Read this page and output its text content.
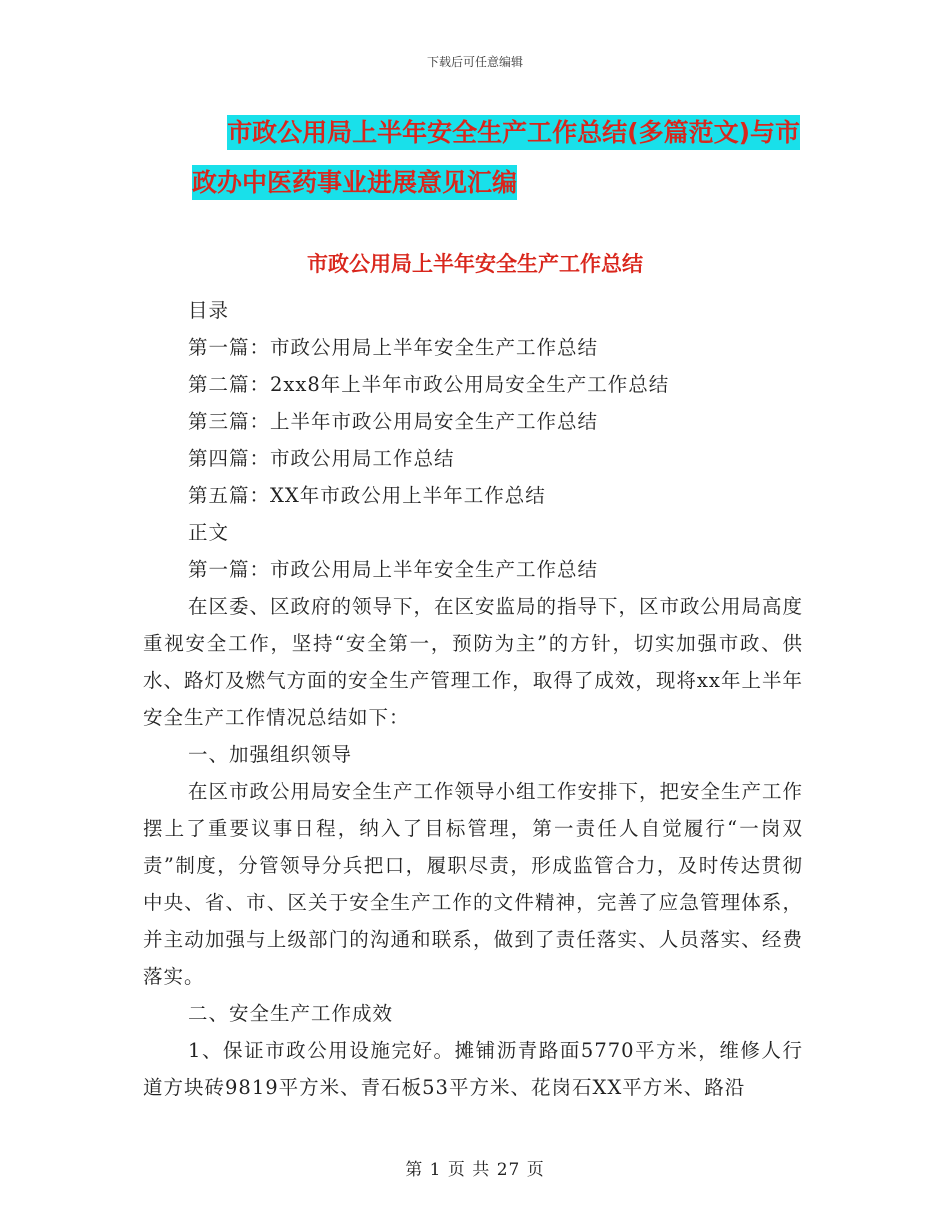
下载后可任意编辑
市政公用局上半年安全生产工作总结(多篇范文)与市
政办中医药事业进展意见汇编
市政公用局上半年安全生产工作总结

目录

第一篇：市政公用局上半年安全生产工作总结

第二篇：2xx8年上半年市政公用局安全生产工作总结

第三篇：上半年市政公用局安全生产工作总结

第四篇：市政公用局工作总结

第五篇：XX年市政公用上半年工作总结

正文

第一篇：市政公用局上半年安全生产工作总结

在区委、区政府的领导下，在区安监局的指导下，区市政公用局高度重视安全工作，坚持“安全第一，预防为主”的方针，切实加强市政、供水、路灯及燃气方面的安全生产管理工作，取得了成效，现将xx年上半年安全生产工作情况总结如下：

一、加强组织领导

在区市政公用局安全生产工作领导小组工作安排下，把安全生产工作摆上了重要议事日程，纳入了目标管理，第一责任人自觉履行“一岗双责”制度，分管领导分兵把口，履职尽责，形成监管合力，及时传达贯彻中央、省、市、区关于安全生产工作的文件精神，完善了应急管理体系，并主动加强与上级部门的沟通和联系，做到了责任落实、人员落实、经费落实。

二、安全生产工作成效

1、保证市政公用设施完好。摊铺沥青路面5770平方米，维修人行道方块砖9819平方米、青石板53平方米、花岗石XX平方米、路沿

第 1 页 共 27 页
